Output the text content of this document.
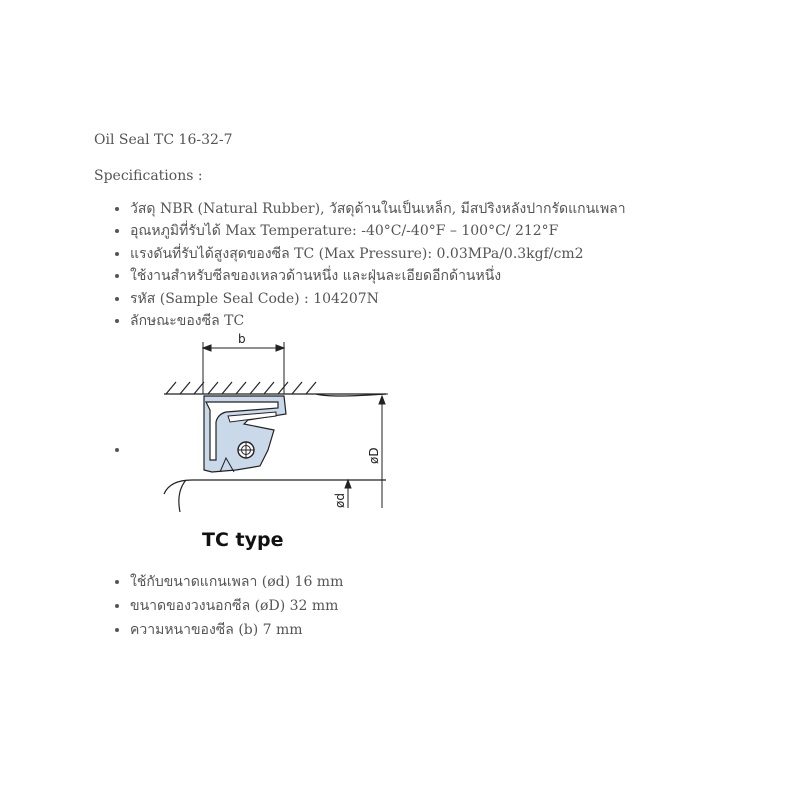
Oil Seal TC 16-32-7

Specifications :

• วัสดุ NBR (Natural Rubber), วัสดุด้านในเป็นเหล็ก, มีสปริงหลังปากรัดแกนเพลา
• อุณหภูมิที่รับได้ Max Temperature: -40°C/-40°F – 100°C/ 212°F
• แรงดันที่รับได้สูงสุดของซีล TC (Max Pressure): 0.03MPa/0.3kgf/cm2
• ใช้งานสำหรับซีลของเหลวด้านหนึ่ง และฝุ่นละเอียดอีกด้านหนึ่ง
• รหัส (Sample Seal Code) : 104207N
• ลักษณะของซีล TC
• b
øD
ød
TC type
• ใช้กับขนาดแกนเพลา (ød) 16 mm
• ขนาดของวงนอกซีล (øD) 32 mm
• ความหนาของซีล (b) 7 mm
